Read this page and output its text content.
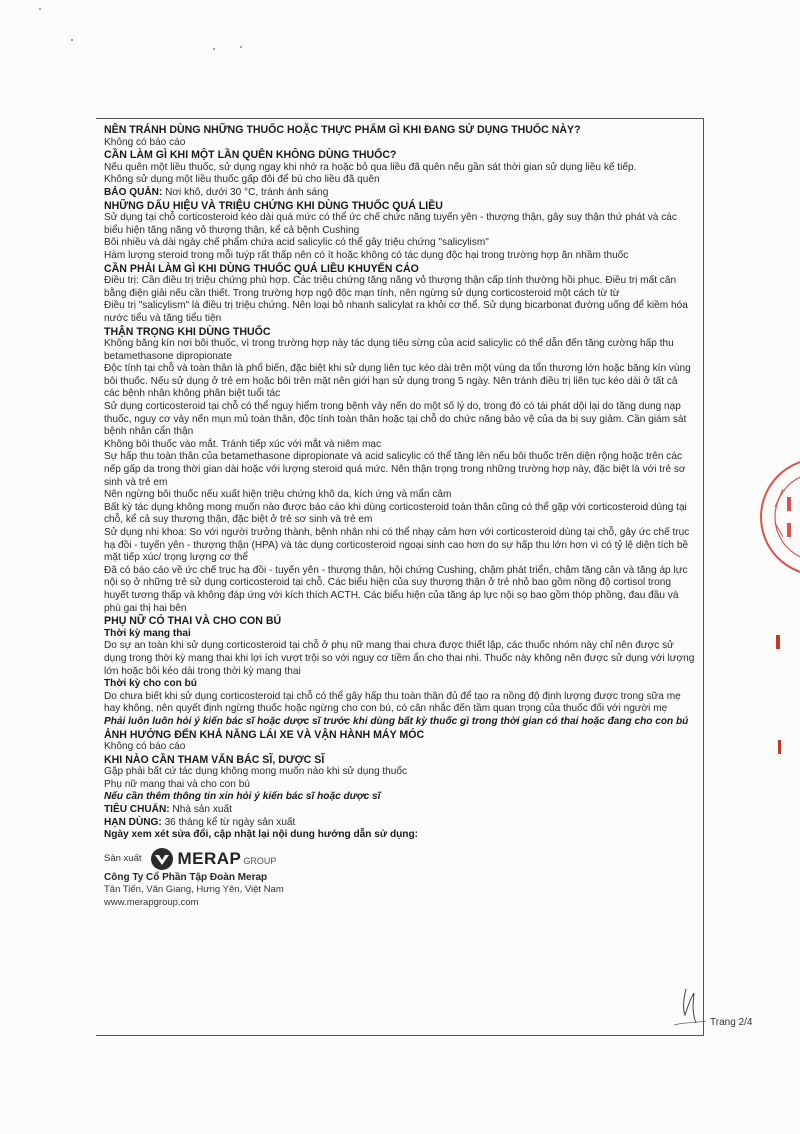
NÊN TRÁNH DÙNG NHỮNG THUỐC HOẶC THỰC PHẨM GÌ KHI ĐANG SỬ DỤNG THUỐC NÀY?

Không có báo cáo

CẦN LÀM GÌ KHI MỘT LẦN QUÊN KHÔNG DÙNG THUỐC?

Nếu quên một liều thuốc, sử dụng ngay khi nhớ ra hoặc bỏ qua liều đã quên nếu gần sát thời gian sử dụng liều kế tiếp.

Không sử dụng một liều thuốc gấp đôi để bù cho liều đã quên

BẢO QUẢN: Nơi khô, dưới 30 °C, tránh ánh sáng

NHỮNG DẤU HIỆU VÀ TRIỆU CHỨNG KHI DÙNG THUỐC QUÁ LIỀU

Sử dụng tại chỗ corticosteroid kéo dài quá mức có thể ức chế chức năng tuyến yên - thượng thận, gây suy thận thứ phát và các biểu hiện tăng năng vỏ thượng thận, kể cả bệnh Cushing

Bôi nhiều và dài ngày chế phẩm chứa acid salicylic có thể gây triệu chứng "salicylism"

Hàm lượng steroid trong mỗi tuýp rất thấp nên có ít hoặc không có tác dụng độc hại trong trường hợp ăn nhầm thuốc

CẦN PHẢI LÀM GÌ KHI DÙNG THUỐC QUÁ LIỀU KHUYẾN CÁO

Điều trị: Cần điều trị triệu chứng phù hợp. Các triệu chứng tăng năng vỏ thượng thận cấp tính thường hồi phục. Điều trị mất cân bằng điện giải nếu cần thiết. Trong trường hợp ngộ độc mạn tính, nên ngừng sử dụng corticosteroid một cách từ từ

Điều trị "salicylism" là điều trị triệu chứng. Nên loại bỏ nhanh salicylat ra khỏi cơ thể. Sử dụng bicarbonat đường uống để kiềm hóa nước tiểu và tăng tiểu tiện

THẬN TRỌNG KHI DÙNG THUỐC

Không băng kín nơi bôi thuốc, vì trong trường hợp này tác dụng tiêu sừng của acid salicylic có thể dẫn đến tăng cường hấp thu betamethasone dipropionate

Độc tính tại chỗ và toàn thân là phổ biến, đặc biệt khi sử dụng liên tục kéo dài trên một vùng da tổn thương lớn hoặc băng kín vùng bôi thuốc. Nếu sử dụng ở trẻ em hoặc bôi trên mặt nên giới hạn sử dụng trong 5 ngày. Nên tránh điều trị liên tục kéo dài ở tất cả các bệnh nhân không phân biệt tuổi tác

Sử dụng corticosteroid tại chỗ có thể nguy hiểm trong bệnh vảy nến do một số lý do, trong đó có tái phát dội lại do tăng dung nạp thuốc, nguy cơ vảy nến mụn mủ toàn thân, độc tính toàn thân hoặc tại chỗ do chức năng bảo vệ của da bị suy giảm. Cần giám sát bệnh nhân cẩn thận

Không bôi thuốc vào mắt. Tránh tiếp xúc với mắt và niêm mạc

Sự hấp thu toàn thân của betamethasone dipropionate và acid salicylic có thể tăng lên nếu bôi thuốc trên diện rộng hoặc trên các nếp gấp da trong thời gian dài hoặc với lượng steroid quá mức. Nên thận trọng trong những trường hợp này, đặc biệt là với trẻ sơ sinh và trẻ em

Nên ngừng bôi thuốc nếu xuất hiện triệu chứng khô da, kích ứng và mẩn cảm

Bất kỳ tác dụng không mong muốn nào được báo cáo khi dùng corticosteroid toàn thân cũng có thể gặp với corticosteroid dùng tại chỗ, kể cả suy thượng thận, đặc biệt ở trẻ sơ sinh và trẻ em

Sử dụng nhi khoa: So với người trưởng thành, bệnh nhân nhi có thể nhạy cảm hơn với corticosteroid dùng tại chỗ, gây ức chế trục hạ đồi - tuyến yên - thượng thận (HPA) và tác dụng corticosteroid ngoại sinh cao hơn do sự hấp thu lớn hơn vì có tỷ lệ diện tích bề mặt tiếp xúc/ trọng lượng cơ thể

Đã có báo cáo về ức chế trục hạ đồi - tuyến yên - thượng thận, hội chứng Cushing, chậm phát triển, chậm tăng cân và tăng áp lực nội sọ ở những trẻ sử dụng corticosteroid tại chỗ. Các biểu hiện của suy thượng thận ở trẻ nhỏ bao gồm nồng độ cortisol trong huyết tương thấp và không đáp ứng với kích thích ACTH. Các biểu hiện của tăng áp lực nội sọ bao gồm thóp phồng, đau đầu và phù gai thị hai bên

PHỤ NỮ CÓ THAI VÀ CHO CON BÚ

Thời kỳ mang thai

Do sự an toàn khi sử dụng corticosteroid tại chỗ ở phụ nữ mang thai chưa được thiết lập, các thuốc nhóm này chỉ nên được sử dụng trong thời kỳ mang thai khi lợi ích vượt trội so với nguy cơ tiềm ẩn cho thai nhi. Thuốc này không nên được sử dụng với lượng lớn hoặc bôi kéo dài trong thời kỳ mang thai

Thời kỳ cho con bú

Do chưa biết khi sử dụng corticosteroid tại chỗ có thể gây hấp thu toàn thân đủ để tạo ra nồng độ định lượng được trong sữa mẹ hay không, nên quyết định ngừng thuốc hoặc ngừng cho con bú, có cân nhắc đến tầm quan trọng của thuốc đối với người mẹ

Phải luôn luôn hỏi ý kiến bác sĩ hoặc dược sĩ trước khi dùng bất kỳ thuốc gì trong thời gian có thai hoặc đang cho con bú

ẢNH HƯỞNG ĐẾN KHẢ NĂNG LÁI XE VÀ VẬN HÀNH MÁY MÓC

Không có báo cáo

KHI NÀO CẦN THAM VẤN BÁC SĨ, DƯỢC SĨ

Gặp phải bất cứ tác dụng không mong muốn nào khi sử dụng thuốc

Phụ nữ mang thai và cho con bú

Nếu cần thêm thông tin xin hỏi ý kiến bác sĩ hoặc dược sĩ

TIÊU CHUẨN: Nhà sản xuất

HẠN DÙNG: 36 tháng kể từ ngày sản xuất

Ngày xem xét sửa đổi, cập nhật lại nội dung hướng dẫn sử dụng:

Sản xuất MERAP GROUP

Công Ty Cổ Phần Tập Đoàn Merap

Tân Tiến, Văn Giang, Hưng Yên, Việt Nam

www.merapgroup.com

Trang 2/4
